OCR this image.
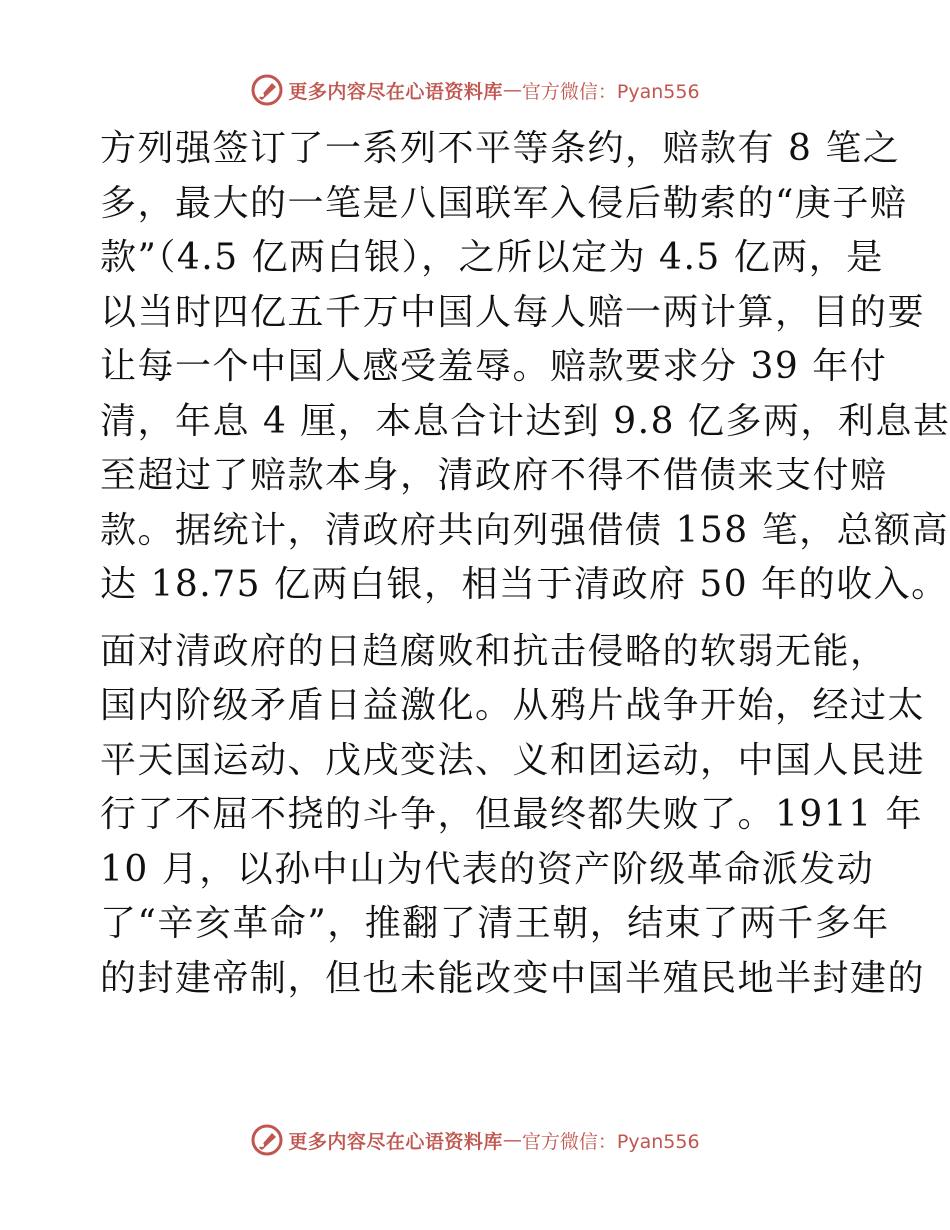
更多内容尽在心语资料库 — 官方微信：Pyan556
方列强签订了一系列不平等条约，赔款有 8 笔之
多，最大的一笔是八国联军入侵后勒索的“庚子赔
款”（4.5 亿两白银），之所以定为 4.5 亿两，是
以当时四亿五千万中国人每人赔一两计算，目的要
让每一个中国人感受羞辱。赔款要求分 39 年付
清，年息 4 厘，本息合计达到 9.8 亿多两，利息甚
至超过了赔款本身，清政府不得不借债来支付赔
款。据统计，清政府共向列强借债 158 笔，总额高
达 18.75 亿两白银，相当于清政府 50 年的收入。
面对清政府的日趋腐败和抗击侵略的软弱无能，
国内阶级矛盾日益激化。从鸦片战争开始，经过太
平天国运动、戊戌变法、义和团运动，中国人民进
行了不屈不挠的斗争，但最终都失败了。1911 年
10 月，以孙中山为代表的资产阶级革命派发动
了“辛亥革命”，推翻了清王朝，结束了两千多年
的封建帝制，但也未能改变中国半殖民地半封建的
更多内容尽在心语资料库 — 官方微信：Pyan556
